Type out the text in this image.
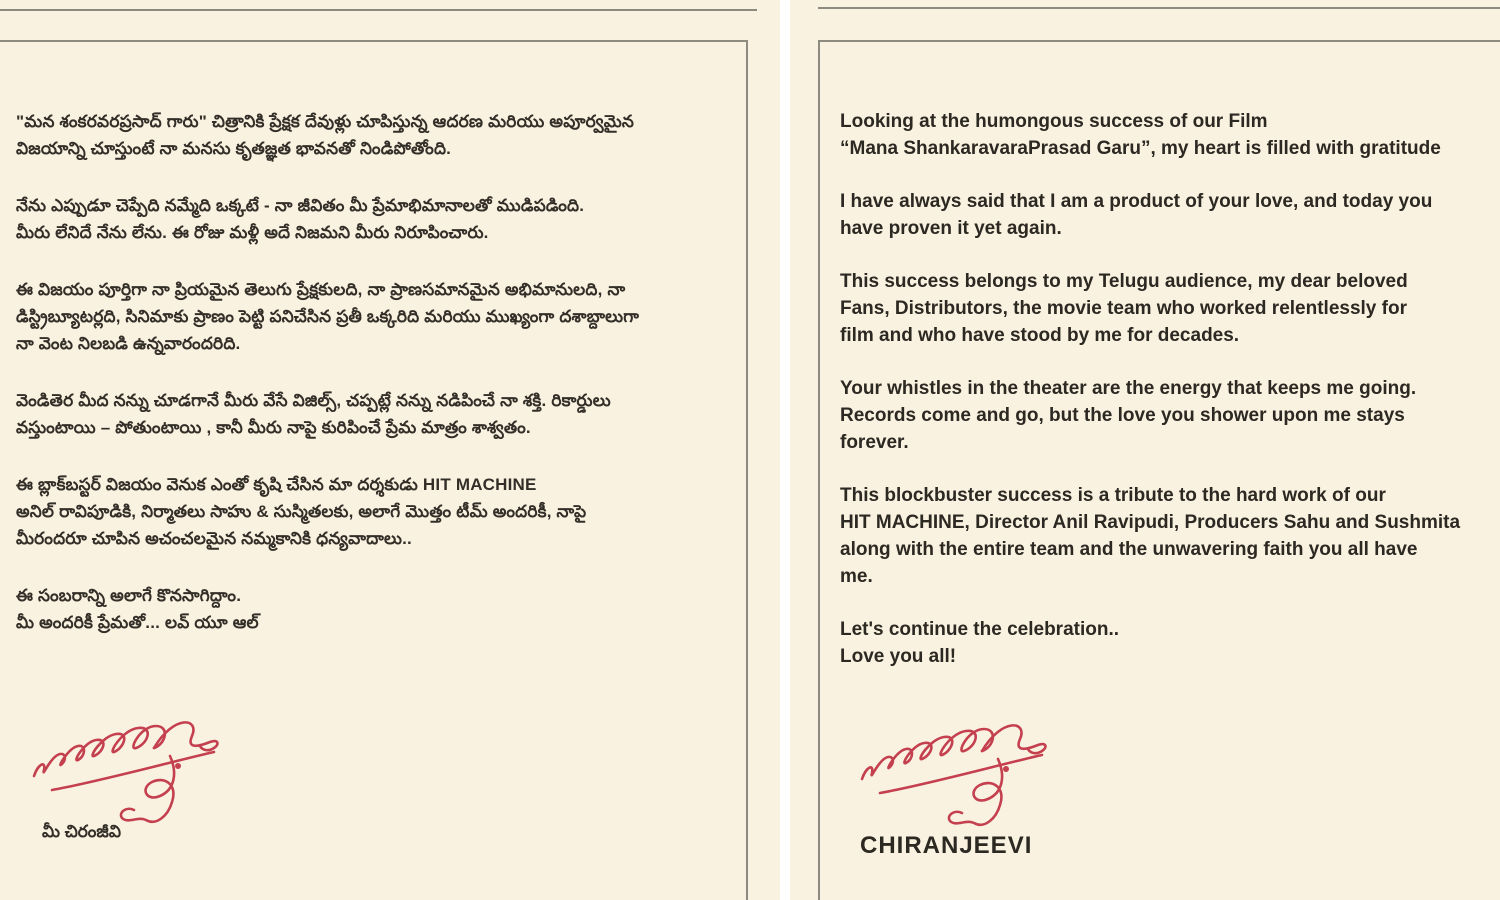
"మన శంకరవరప్రసాద్ గారు" చిత్రానికి ప్రేక్షక దేవుళ్లు చూపిస్తున్న ఆదరణ మరియు అపూర్వమైన
విజయాన్ని చూస్తుంటే నా మనసు కృతజ్ఞత భావనతో నిండిపోతోంది.
నేను ఎప్పుడూ చెప్పేది నమ్మేది ఒక్కటే - నా జీవితం మీ ప్రేమాభిమానాలతో ముడిపడింది.
మీరు లేనిదే నేను లేను. ఈ రోజు మళ్లీ అదే నిజమని మీరు నిరూపించారు.
ఈ విజయం పూర్తిగా నా ప్రియమైన తెలుగు ప్రేక్షకులది, నా ప్రాణసమానమైన అభిమానులది, నా
డిస్ట్రిబ్యూటర్లది, సినిమాకు ప్రాణం పెట్టి పనిచేసిన ప్రతీ ఒక్కరిది మరియు ముఖ్యంగా దశాబ్దాలుగా
నా వెంట నిలబడి ఉన్నవారందరిది.
వెండితెర మీద నన్ను చూడగానే మీరు వేసే విజిల్స్, చప్పట్లే నన్ను నడిపించే నా శక్తి. రికార్డులు
వస్తుంటాయి – పోతుంటాయి , కానీ మీరు నాపై కురిపించే ప్రేమ మాత్రం శాశ్వతం.
ఈ బ్లాక్‌బస్టర్ విజయం వెనుక ఎంతో కృషి చేసిన మా దర్శకుడు HIT MACHINE
అనిల్ రావిపూడికి, నిర్మాతలు సాహు & సుస్మితలకు, అలాగే మొత్తం టీమ్ అందరికీ, నాపై
మీరందరూ చూపిన అచంచలమైన నమ్మకానికి ధన్యవాదాలు..
ఈ సంబరాన్ని అలాగే కొనసాగిద్దాం.
మీ అందరికీ ప్రేమతో... లవ్ యూ ఆల్
మీ చిరంజీవి
Looking at the humongous success of our Film
“Mana ShankaravaraPrasad Garu”, my heart is filled with gratitude
I have always said that I am a product of your love, and today you
have proven it yet again.
This success belongs to my Telugu audience, my dear beloved
Fans, Distributors, the movie team who worked relentlessly for
film and who have stood by me for decades.
Your whistles in the theater are the energy that keeps me going.
Records come and go, but the love you shower upon me stays
forever.
This blockbuster success is a tribute to the hard work of our
HIT MACHINE, Director Anil Ravipudi, Producers Sahu and Sushmita
along with the entire team and the unwavering faith you all have
me.
Let's continue the celebration..
Love you all!
CHIRANJEEVI
